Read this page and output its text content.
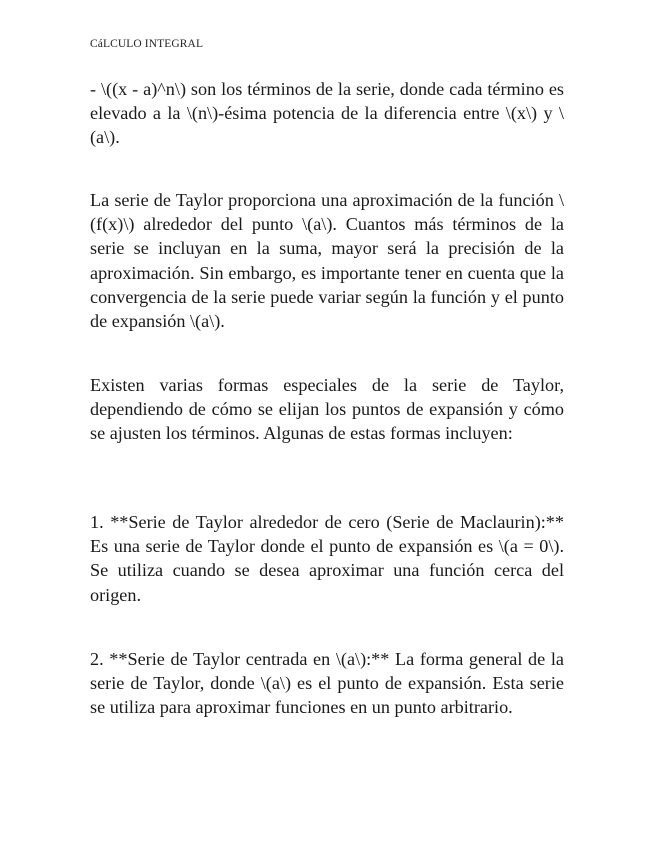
CáLCULO INTEGRAL

- \((x - a)^n\) son los términos de la serie, donde cada término es elevado a la \(n\)-ésima potencia de la diferencia entre \(x\) y \(a\).

La serie de Taylor proporciona una aproximación de la función \(f(x)\) alrededor del punto \(a\). Cuantos más términos de la serie se incluyan en la suma, mayor será la precisión de la aproximación. Sin embargo, es importante tener en cuenta que la convergencia de la serie puede variar según la función y el punto de expansión \(a\).

Existen varias formas especiales de la serie de Taylor, dependiendo de cómo se elijan los puntos de expansión y cómo se ajusten los términos. Algunas de estas formas incluyen:

1. **Serie de Taylor alrededor de cero (Serie de Maclaurin):** Es una serie de Taylor donde el punto de expansión es \(a = 0\). Se utiliza cuando se desea aproximar una función cerca del origen.

2. **Serie de Taylor centrada en \(a\):** La forma general de la serie de Taylor, donde \(a\) es el punto de expansión. Esta serie se utiliza para aproximar funciones en un punto arbitrario.
